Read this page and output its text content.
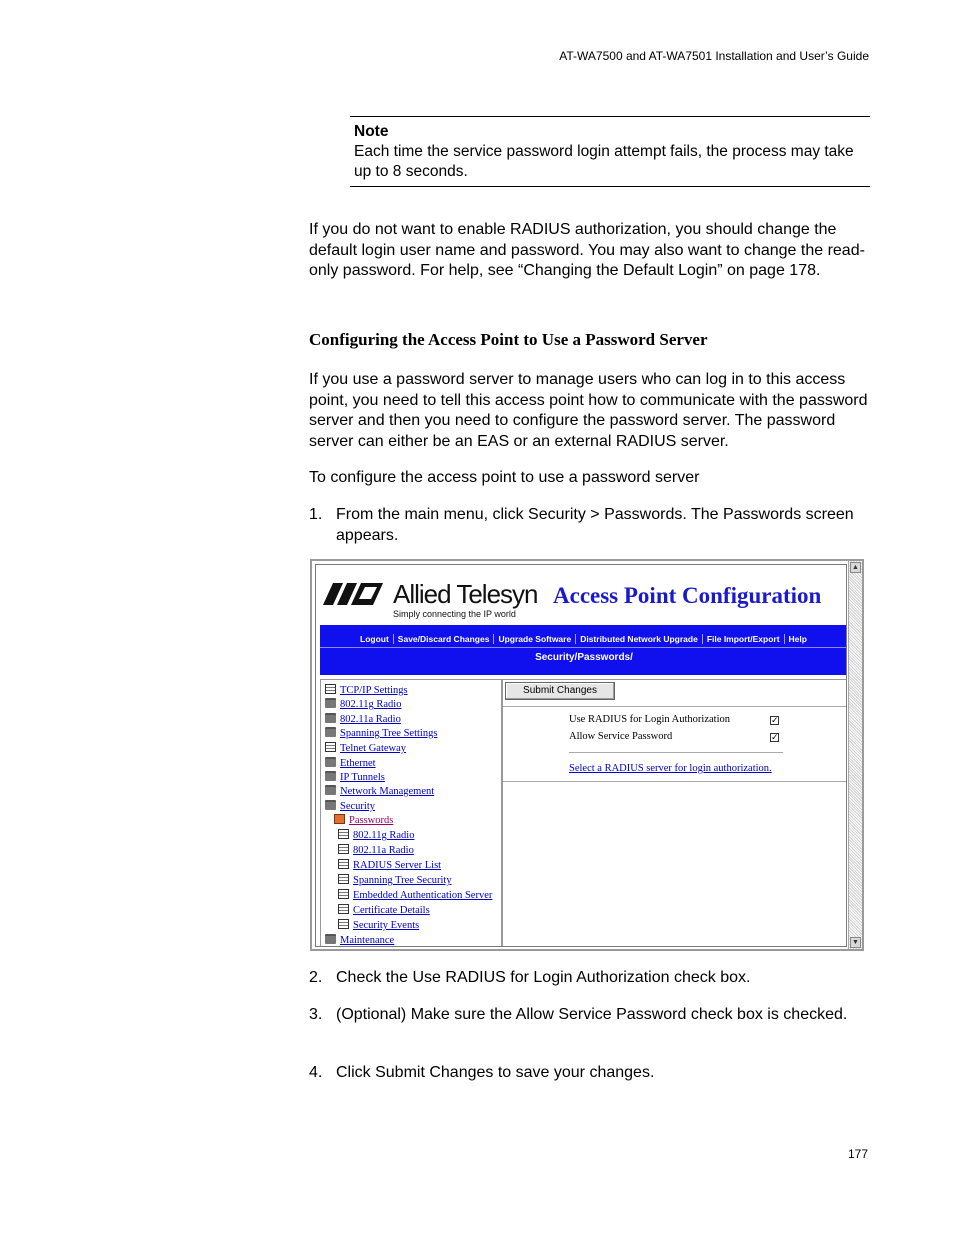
AT-WA7500 and AT-WA7501 Installation and User’s Guide
Note
Each time the service password login attempt fails, the process may take up to 8 seconds.
If you do not want to enable RADIUS authorization, you should change the default login user name and password. You may also want to change the read-only password. For help, see “Changing the Default Login” on page 178.
Configuring the Access Point to Use a Password Server
If you use a password server to manage users who can log in to this access point, you need to tell this access point how to communicate with the password server and then you need to configure the password server. The password server can either be an EAS or an external RADIUS server.
To configure the access point to use a password server
1. From the main menu, click Security > Passwords. The Passwords screen appears.
Allied Telesyn
Simply connecting the IP world
Access Point Configuration
Logout	Save/Discard Changes	Upgrade Software	Distributed Network Upgrade	File Import/Export	Help
Security/Passwords/
TCP/IP Settings
802.11g Radio
802.11a Radio
Spanning Tree Settings
Telnet Gateway
Ethernet
IP Tunnels
Network Management
Security
Passwords
802.11g Radio
802.11a Radio
RADIUS Server List
Spanning Tree Security
Embedded Authentication Server
Certificate Details
Security Events
Maintenance
Submit Changes
Use RADIUS for Login Authorization	✓
Allow Service Password	✓
Select a RADIUS server for login authorization.
▲
▼
2. Check the Use RADIUS for Login Authorization check box.
3. (Optional) Make sure the Allow Service Password check box is checked.
4. Click Submit Changes to save your changes.
177
